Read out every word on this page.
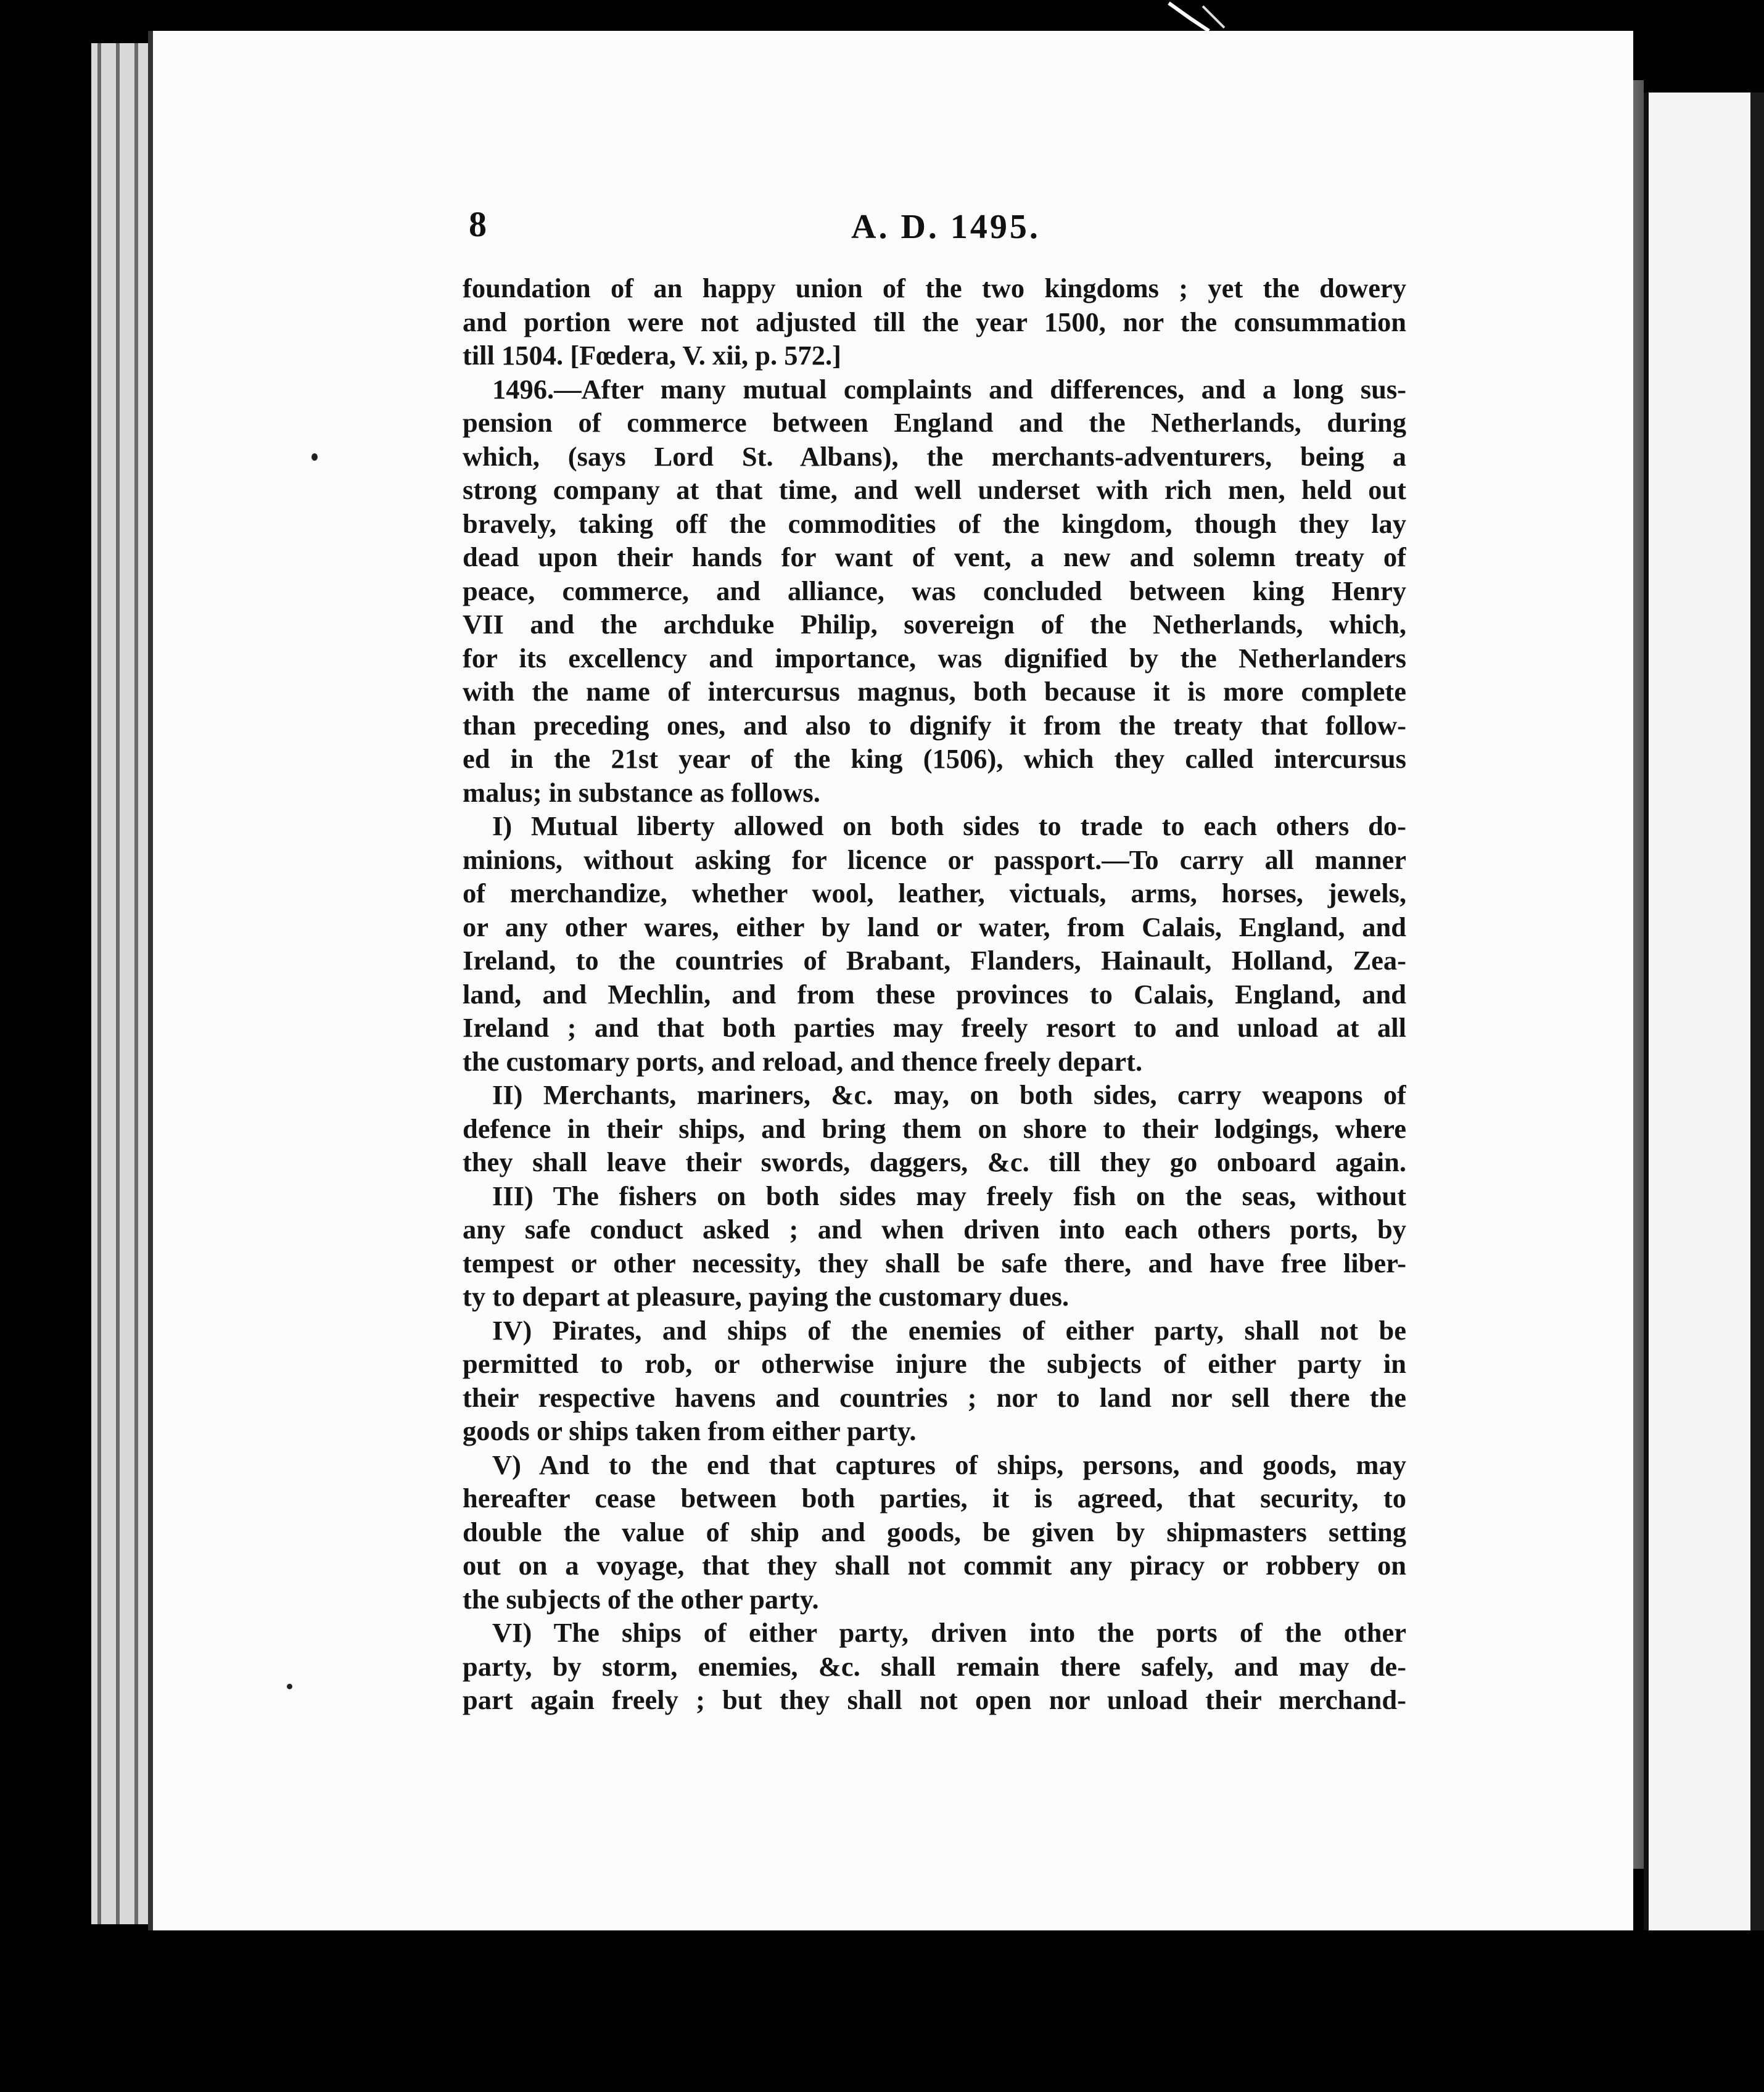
8	A. D. 1495.
foundation of an happy union of the two kingdoms ; yet the dowery
and portion were not adjusted till the year 1500, nor the consummation
till 1504. [Fœdera, V. xii, p. 572.]
1496.—After many mutual complaints and differences, and a long sus-
pension of commerce between England and the Netherlands, during
which, (says Lord St. Albans), the merchants-adventurers, being a
strong company at that time, and well underset with rich men, held out
bravely, taking off the commodities of the kingdom, though they lay
dead upon their hands for want of vent, a new and solemn treaty of
peace, commerce, and alliance, was concluded between king Henry
VII and the archduke Philip, sovereign of the Netherlands, which,
for its excellency and importance, was dignified by the Netherlanders
with the name of intercursus magnus, both because it is more complete
than preceding ones, and also to dignify it from the treaty that follow-
ed in the 21st year of the king (1506), which they called intercursus
malus; in substance as follows.
I) Mutual liberty allowed on both sides to trade to each others do-
minions, without asking for licence or passport.—To carry all manner
of merchandize, whether wool, leather, victuals, arms, horses, jewels,
or any other wares, either by land or water, from Calais, England, and
Ireland, to the countries of Brabant, Flanders, Hainault, Holland, Zea-
land, and Mechlin, and from these provinces to Calais, England, and
Ireland ; and that both parties may freely resort to and unload at all
the customary ports, and reload, and thence freely depart.
II) Merchants, mariners, &c. may, on both sides, carry weapons of
defence in their ships, and bring them on shore to their lodgings, where
they shall leave their swords, daggers, &c. till they go onboard again.
III) The fishers on both sides may freely fish on the seas, without
any safe conduct asked ; and when driven into each others ports, by
tempest or other necessity, they shall be safe there, and have free liber-
ty to depart at pleasure, paying the customary dues.
IV) Pirates, and ships of the enemies of either party, shall not be
permitted to rob, or otherwise injure the subjects of either party in
their respective havens and countries ; nor to land nor sell there the
goods or ships taken from either party.
V) And to the end that captures of ships, persons, and goods, may
hereafter cease between both parties, it is agreed, that security, to
double the value of ship and goods, be given by shipmasters setting
out on a voyage, that they shall not commit any piracy or robbery on
the subjects of the other party.
VI) The ships of either party, driven into the ports of the other
party, by storm, enemies, &c. shall remain there safely, and may de-
part again freely ; but they shall not open nor unload their merchand-
